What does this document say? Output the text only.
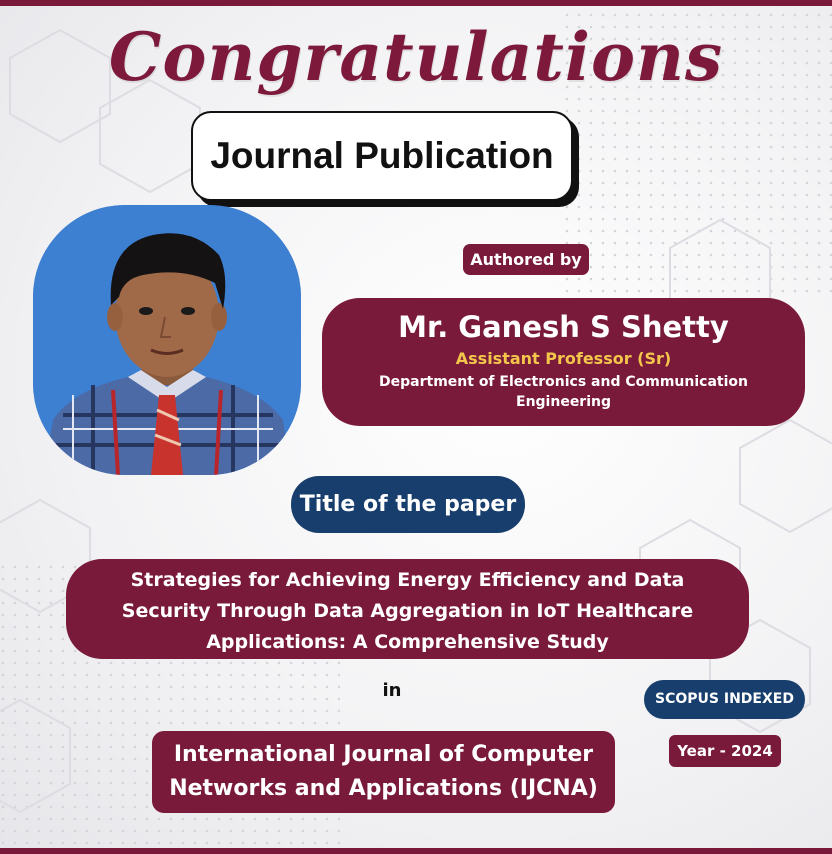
Congratulations
Journal Publication
Authored by
Mr. Ganesh S Shetty
Assistant Professor (Sr)
Department of Electronics and Communication Engineering
Title of the paper
Strategies for Achieving Energy Efficiency and Data Security Through Data Aggregation in IoT Healthcare Applications: A Comprehensive Study
in	SCOPUS INDEXED
International Journal of Computer Networks and Applications (IJCNA)
Year - 2024
